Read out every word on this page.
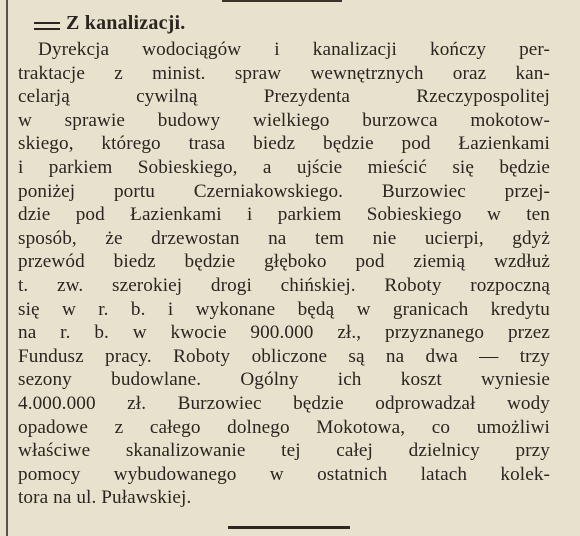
Z kanalizacji.
Dyrekcja wodociągów i kanalizacji kończy per-
traktacje z minist. spraw wewnętrznych oraz kan-
celarją cywilną Prezydenta Rzeczypospolitej
w sprawie budowy wielkiego burzowca mokotow-
skiego, którego trasa biedz będzie pod Łazienkami
i parkiem Sobieskiego, a ujście mieścić się będzie
poniżej portu Czerniakowskiego. Burzowiec przej-
dzie pod Łazienkami i parkiem Sobieskiego w ten
sposób, że drzewostan na tem nie ucierpi, gdyż
przewód biedz będzie głęboko pod ziemią wzdłuż
t. zw. szerokiej drogi chińskiej. Roboty rozpoczną
się w r. b. i wykonane będą w granicach kredytu
na r. b. w kwocie 900.000 zł., przyznanego przez
Fundusz pracy. Roboty obliczone są na dwa — trzy
sezony budowlane. Ogólny ich koszt wyniesie
4.000.000 zł. Burzowiec będzie odprowadzał wody
opadowe z całego dolnego Mokotowa, co umożliwi
właściwe skanalizowanie tej całej dzielnicy przy
pomocy wybudowanego w ostatnich latach kolek-
tora na ul. Puławskiej.
